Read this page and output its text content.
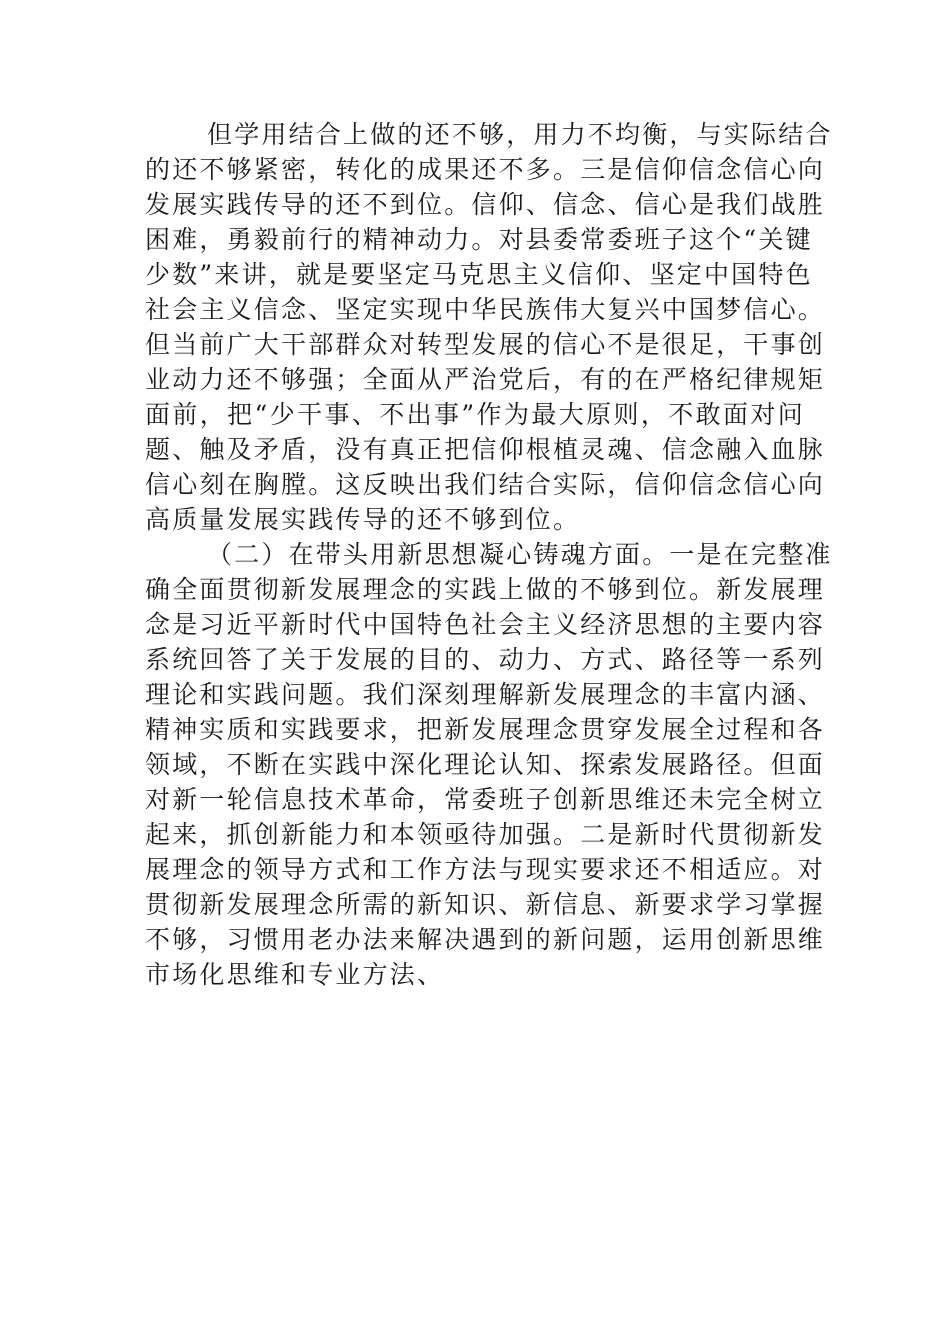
但学用结合上做的还不够，用力不均衡，与实际结合
的还不够紧密，转化的成果还不多。三是信仰信念信心向
发展实践传导的还不到位。信仰、信念、信心是我们战胜
困难，勇毅前行的精神动力。对县委常委班子这个“关键
少数”来讲，就是要坚定马克思主义信仰、坚定中国特色
社会主义信念、坚定实现中华民族伟大复兴中国梦信心。
但当前广大干部群众对转型发展的信心不是很足，干事创
业动力还不够强；全面从严治党后，有的在严格纪律规矩
面前，把“少干事、不出事”作为最大原则，不敢面对问
题、触及矛盾，没有真正把信仰根植灵魂、信念融入血脉
信心刻在胸膛。这反映出我们结合实际，信仰信念信心向
高质量发展实践传导的还不够到位。
（二）在带头用新思想凝心铸魂方面。一是在完整准
确全面贯彻新发展理念的实践上做的不够到位。新发展理
念是习近平新时代中国特色社会主义经济思想的主要内容
系统回答了关于发展的目的、动力、方式、路径等一系列
理论和实践问题。我们深刻理解新发展理念的丰富内涵、
精神实质和实践要求，把新发展理念贯穿发展全过程和各
领域，不断在实践中深化理论认知、探索发展路径。但面
对新一轮信息技术革命，常委班子创新思维还未完全树立
起来，抓创新能力和本领亟待加强。二是新时代贯彻新发
展理念的领导方式和工作方法与现实要求还不相适应。对
贯彻新发展理念所需的新知识、新信息、新要求学习掌握
不够，习惯用老办法来解决遇到的新问题，运用创新思维
市场化思维和专业方法、
